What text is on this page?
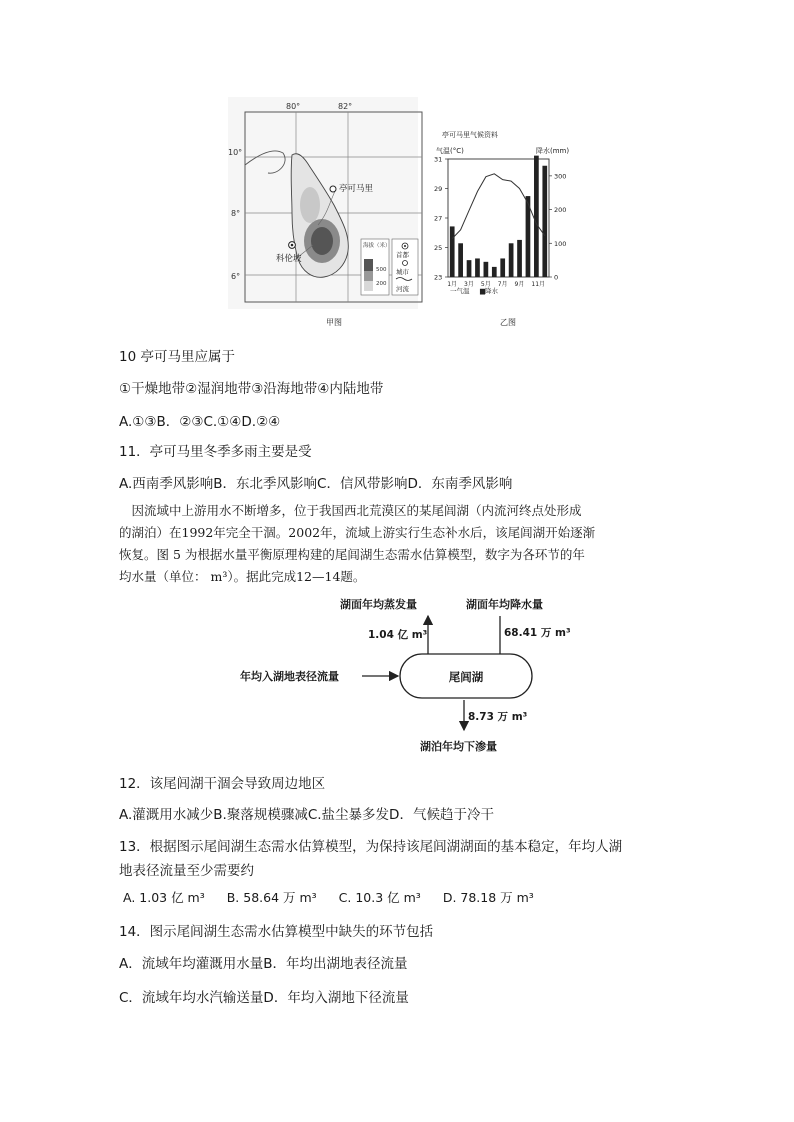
亭可马里
科伦坡
80°	82°
10°
8°
6°
海拔（米）
500
200
首都
城市
河流
甲图
亭可马里气候资料
气温(°C)	降水(mm)
31
29
27
25
23
300
200
100
0
1月 3月 5月 7月 9月 11月
一气温 ▆降水
乙图
10 亭可马里应属于
①干燥地带②湿润地带③沿海地带④内陆地带
A.①③B．②③C.①④D.②④
11．亭可马里冬季多雨主要是受
A.西南季风影响B．东北季风影响C．信风带影响D．东南季风影响
　因流域中上游用水不断增多，位于我国西北荒漠区的某尾闾湖（内流河终点处形成
的湖泊）在1992年完全干涸。2002年，流域上游实行生态补水后，该尾闾湖开始逐渐
恢复。图 5 为根据水量平衡原理构建的尾闾湖生态需水估算模型，数字为各环节的年
均水量（单位： m³）。据此完成12—14题。
湖面年均蒸发量
1.04 亿 m³
湖面年均降水量
68.41 万 m³
尾闾湖
年均入湖地表径流量
8.73 万 m³
湖泊年均下渗量
12．该尾闾湖干涸会导致周边地区
A.灌溉用水减少B.聚落规模骤减C.盐尘暴多发D．气候趋于冷干
13．根据图示尾闾湖生态需水估算模型，为保持该尾闾湖湖面的基本稳定，年均人湖
地表径流量至少需要约
A. 1.03 亿 m³ B. 58.64 万 m³ C. 10.3 亿 m³ D. 78.18 万 m³
14．图示尾闾湖生态需水估算模型中缺失的环节包括
A．流域年均灌溉用水量B．年均出湖地表径流量
C．流域年均水汽输送量D．年均入湖地下径流量
